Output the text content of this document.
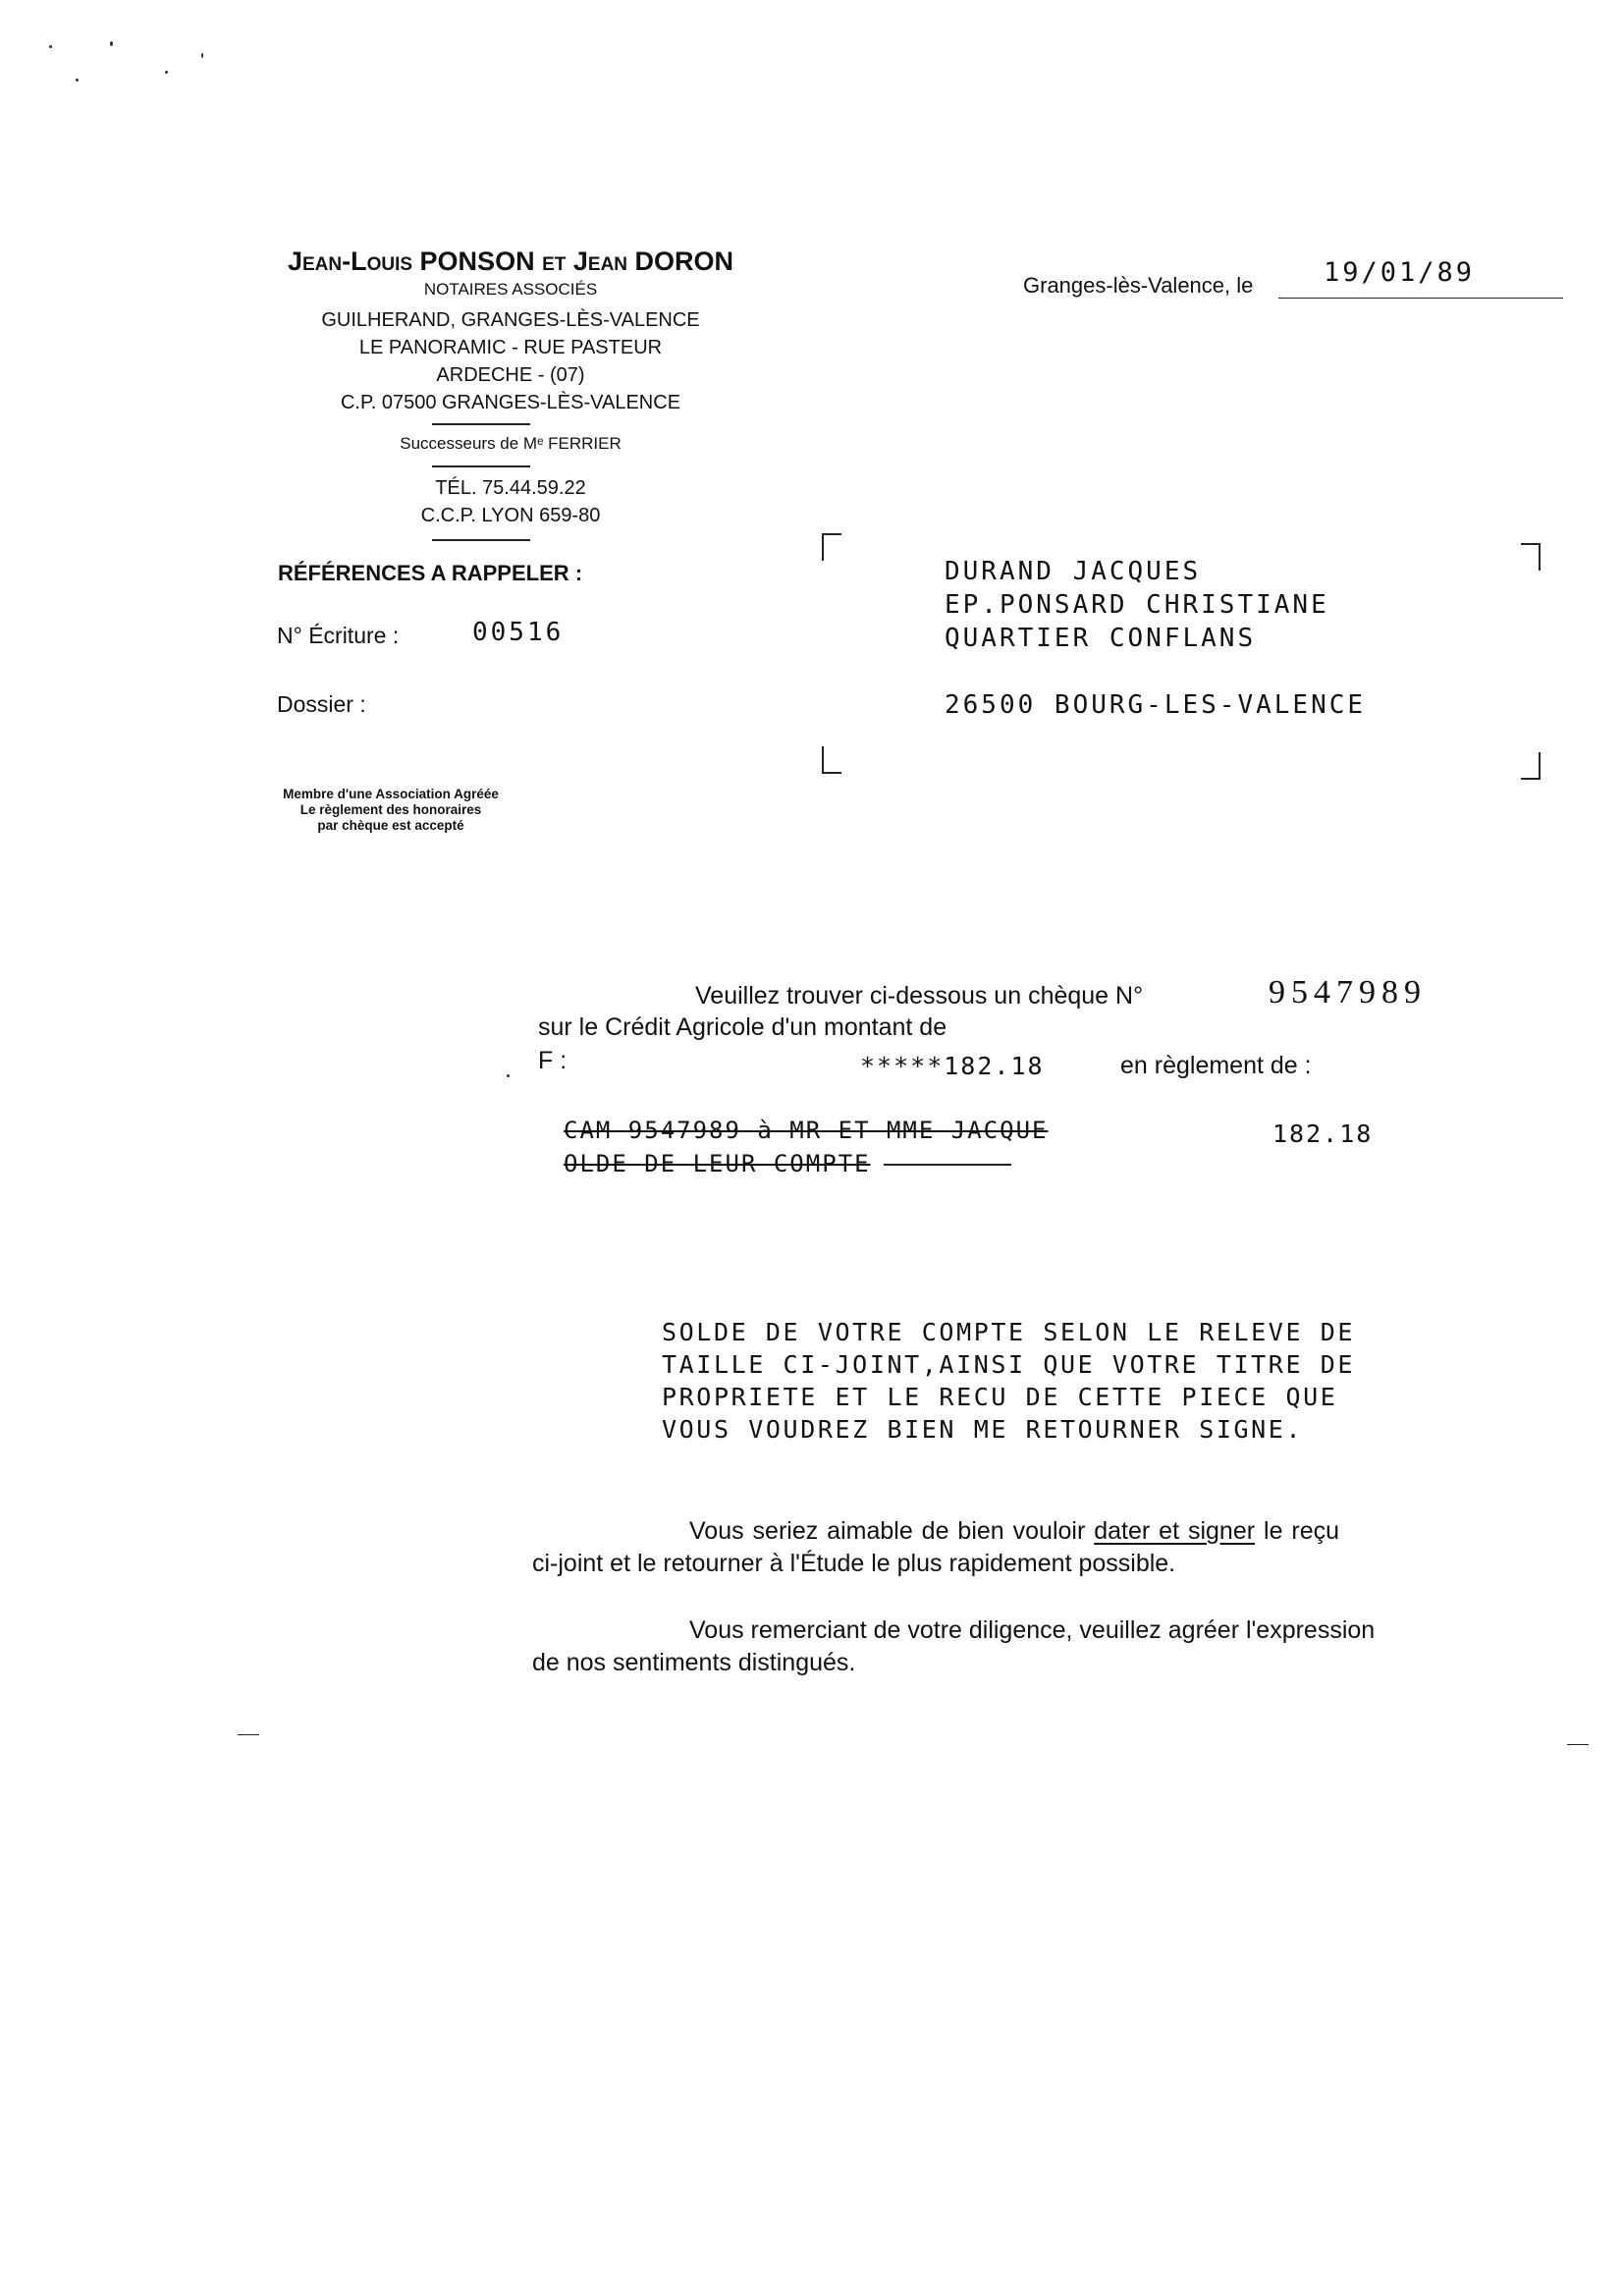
Jean-Louis PONSON et Jean DORON
NOTAIRES ASSOCIÉS
GUILHERAND, GRANGES-LÈS-VALENCE
LE PANORAMIC - RUE PASTEUR
ARDECHE - (07)
C.P. 07500 GRANGES-LÈS-VALENCE
Successeurs de Mᵉ FERRIER
TÉL. 75.44.59.22
C.C.P. LYON 659-80
Granges-lès-Valence, le	19/01/89
RÉFÉRENCES A RAPPELER :
N° Écriture :	00516
Dossier :
Membre d'une Association Agréée
Le règlement des honoraires
par chèque est accepté
DURAND JACQUES
EP.PONSARD CHRISTIANE
QUARTIER CONFLANS
26500 BOURG-LES-VALENCE
Veuillez trouver ci-dessous un chèque N°	9547989
sur le Crédit Agricole d'un montant de
F :	*****182.18	en règlement de :
CAM 9547989 à MR ET MME JACQUE
OLDE DE LEUR COMPTE
182.18
SOLDE DE VOTRE COMPTE SELON LE RELEVE DE
TAILLE CI-JOINT,AINSI QUE VOTRE TITRE DE
PROPRIETE ET LE RECU DE CETTE PIECE QUE
VOUS VOUDREZ BIEN ME RETOURNER SIGNE.
Vous seriez aimable de bien vouloir dater et signer le reçu
ci-joint et le retourner à l'Étude le plus rapidement possible.
Vous remerciant de votre diligence, veuillez agréer l'expression
de nos sentiments distingués.
